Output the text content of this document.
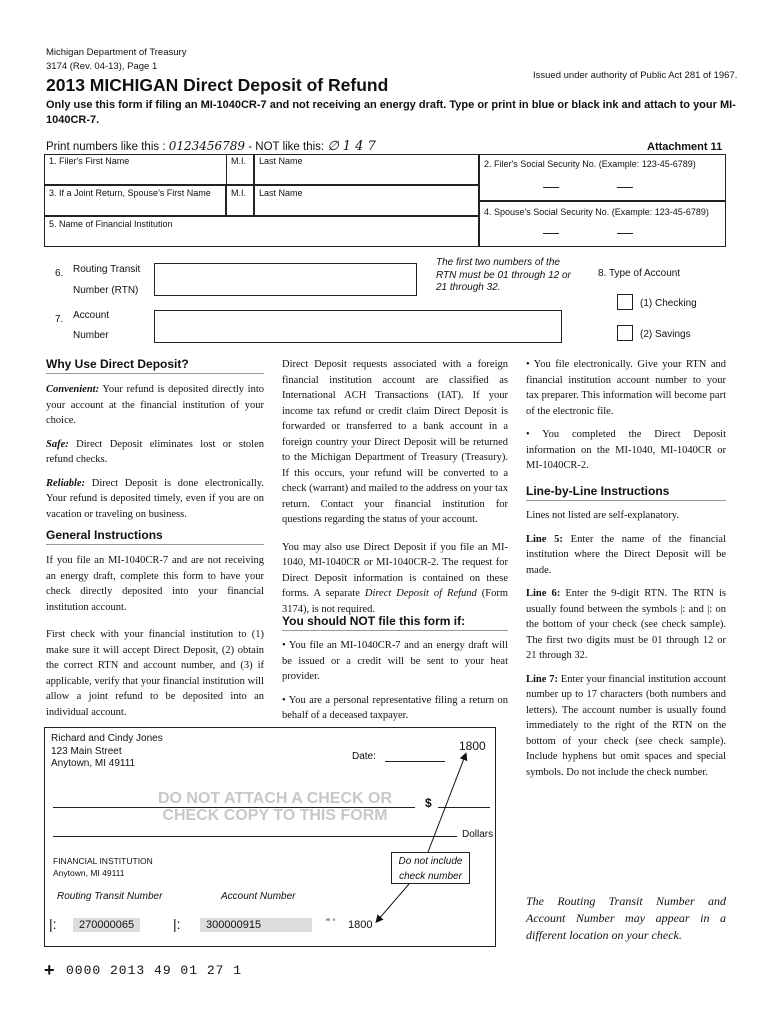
Michigan Department of Treasury
3174 (Rev. 04-13), Page 1
Issued under authority of Public Act 281 of 1967.
2013 MICHIGAN Direct Deposit of Refund
Only use this form if filing an MI-1040CR-7 and not receiving an energy draft. Type or print in blue or black ink and attach to your MI-1040CR-7.
Print numbers like this : 0123456789 - NOT like this: ∅ 1 4 7	Attachment 11
1. Filer's First Name	M.I. Last Name	2. Filer's Social Security No. (Example: 123-45-6789)
3. If a Joint Return, Spouse's First Name M.I. Last Name
4. Spouse's Social Security No. (Example: 123-45-6789)
5. Name of Financial Institution
6. Routing Transit
Number (RTN)
The first two numbers of the RTN must be 01 through 12 or 21 through 32.
8. Type of Account
(1) Checking
(2) Savings
7. Account
Number
Why Use Direct Deposit?

Convenient: Your refund is deposited directly into your account at the financial institution of your choice.

Safe: Direct Deposit eliminates lost or stolen refund checks.

Reliable: Direct Deposit is done electronically. Your refund is deposited timely, even if you are on vacation or traveling on business.

General Instructions

If you file an MI-1040CR-7 and are not receiving an energy draft, complete this form to have your check directly deposited into your financial institution account.

First check with your financial institution to (1) make sure it will accept Direct Deposit, (2) obtain the correct RTN and account number, and (3) if applicable, verify that your financial institution will allow a joint refund to be deposited into an individual account.

Direct Deposit requests associated with a foreign financial institution account are classified as International ACH Transactions (IAT). If your income tax refund or credit claim Direct Deposit is forwarded or transferred to a bank account in a foreign country your Direct Deposit will be returned to the Michigan Department of Treasury (Treasury). If this occurs, your refund will be converted to a check (warrant) and mailed to the address on your tax return. Contact your financial institution for questions regarding the status of your account.

You may also use Direct Deposit if you file an MI-1040, MI-1040CR or MI-1040CR-2. The request for Direct Deposit information is contained on these forms. A separate Direct Deposit of Refund (Form 3174), is not required.

You should NOT file this form if:

• You file an MI-1040CR-7 and an energy draft will be issued or a credit will be sent to your heat provider.

• You are a personal representative filing a return on behalf of a deceased taxpayer.

• You file electronically. Give your RTN and financial institution account number to your tax preparer. This information will become part of the electronic file.

• You completed the Direct Deposit information on the MI-1040, MI-1040CR or MI-1040CR-2.

Line-by-Line Instructions

Lines not listed are self-explanatory.

Line 5: Enter the name of the financial institution where the Direct Deposit will be made.

Line 6: Enter the 9-digit RTN. The RTN is usually found between the symbols |: and |: on the bottom of your check (see check sample). The first two digits must be 01 through 12 or 21 through 32.

Line 7: Enter your financial institution account number up to 17 characters (both numbers and letters). The account number is usually found immediately to the right of the RTN on the bottom of your check (see check sample). Include hyphens but omit spaces and special symbols. Do not include the check number.

The Routing Transit Number and Account Number may appear in a different location on your check.
Richard and Cindy Jones
123 Main Street
Anytown, MI 49111
1800
Date:
DO NOT ATTACH A CHECK OR
CHECK COPY TO THIS FORM
$
Dollars
FINANCIAL INSTITUTION
Anytown, MI 49111
Do not include
check number
Routing Transit Number	Account Number
|:	270000065	|:	300000915	" ' 1800
+ 0000 2013 49 01 27 1
